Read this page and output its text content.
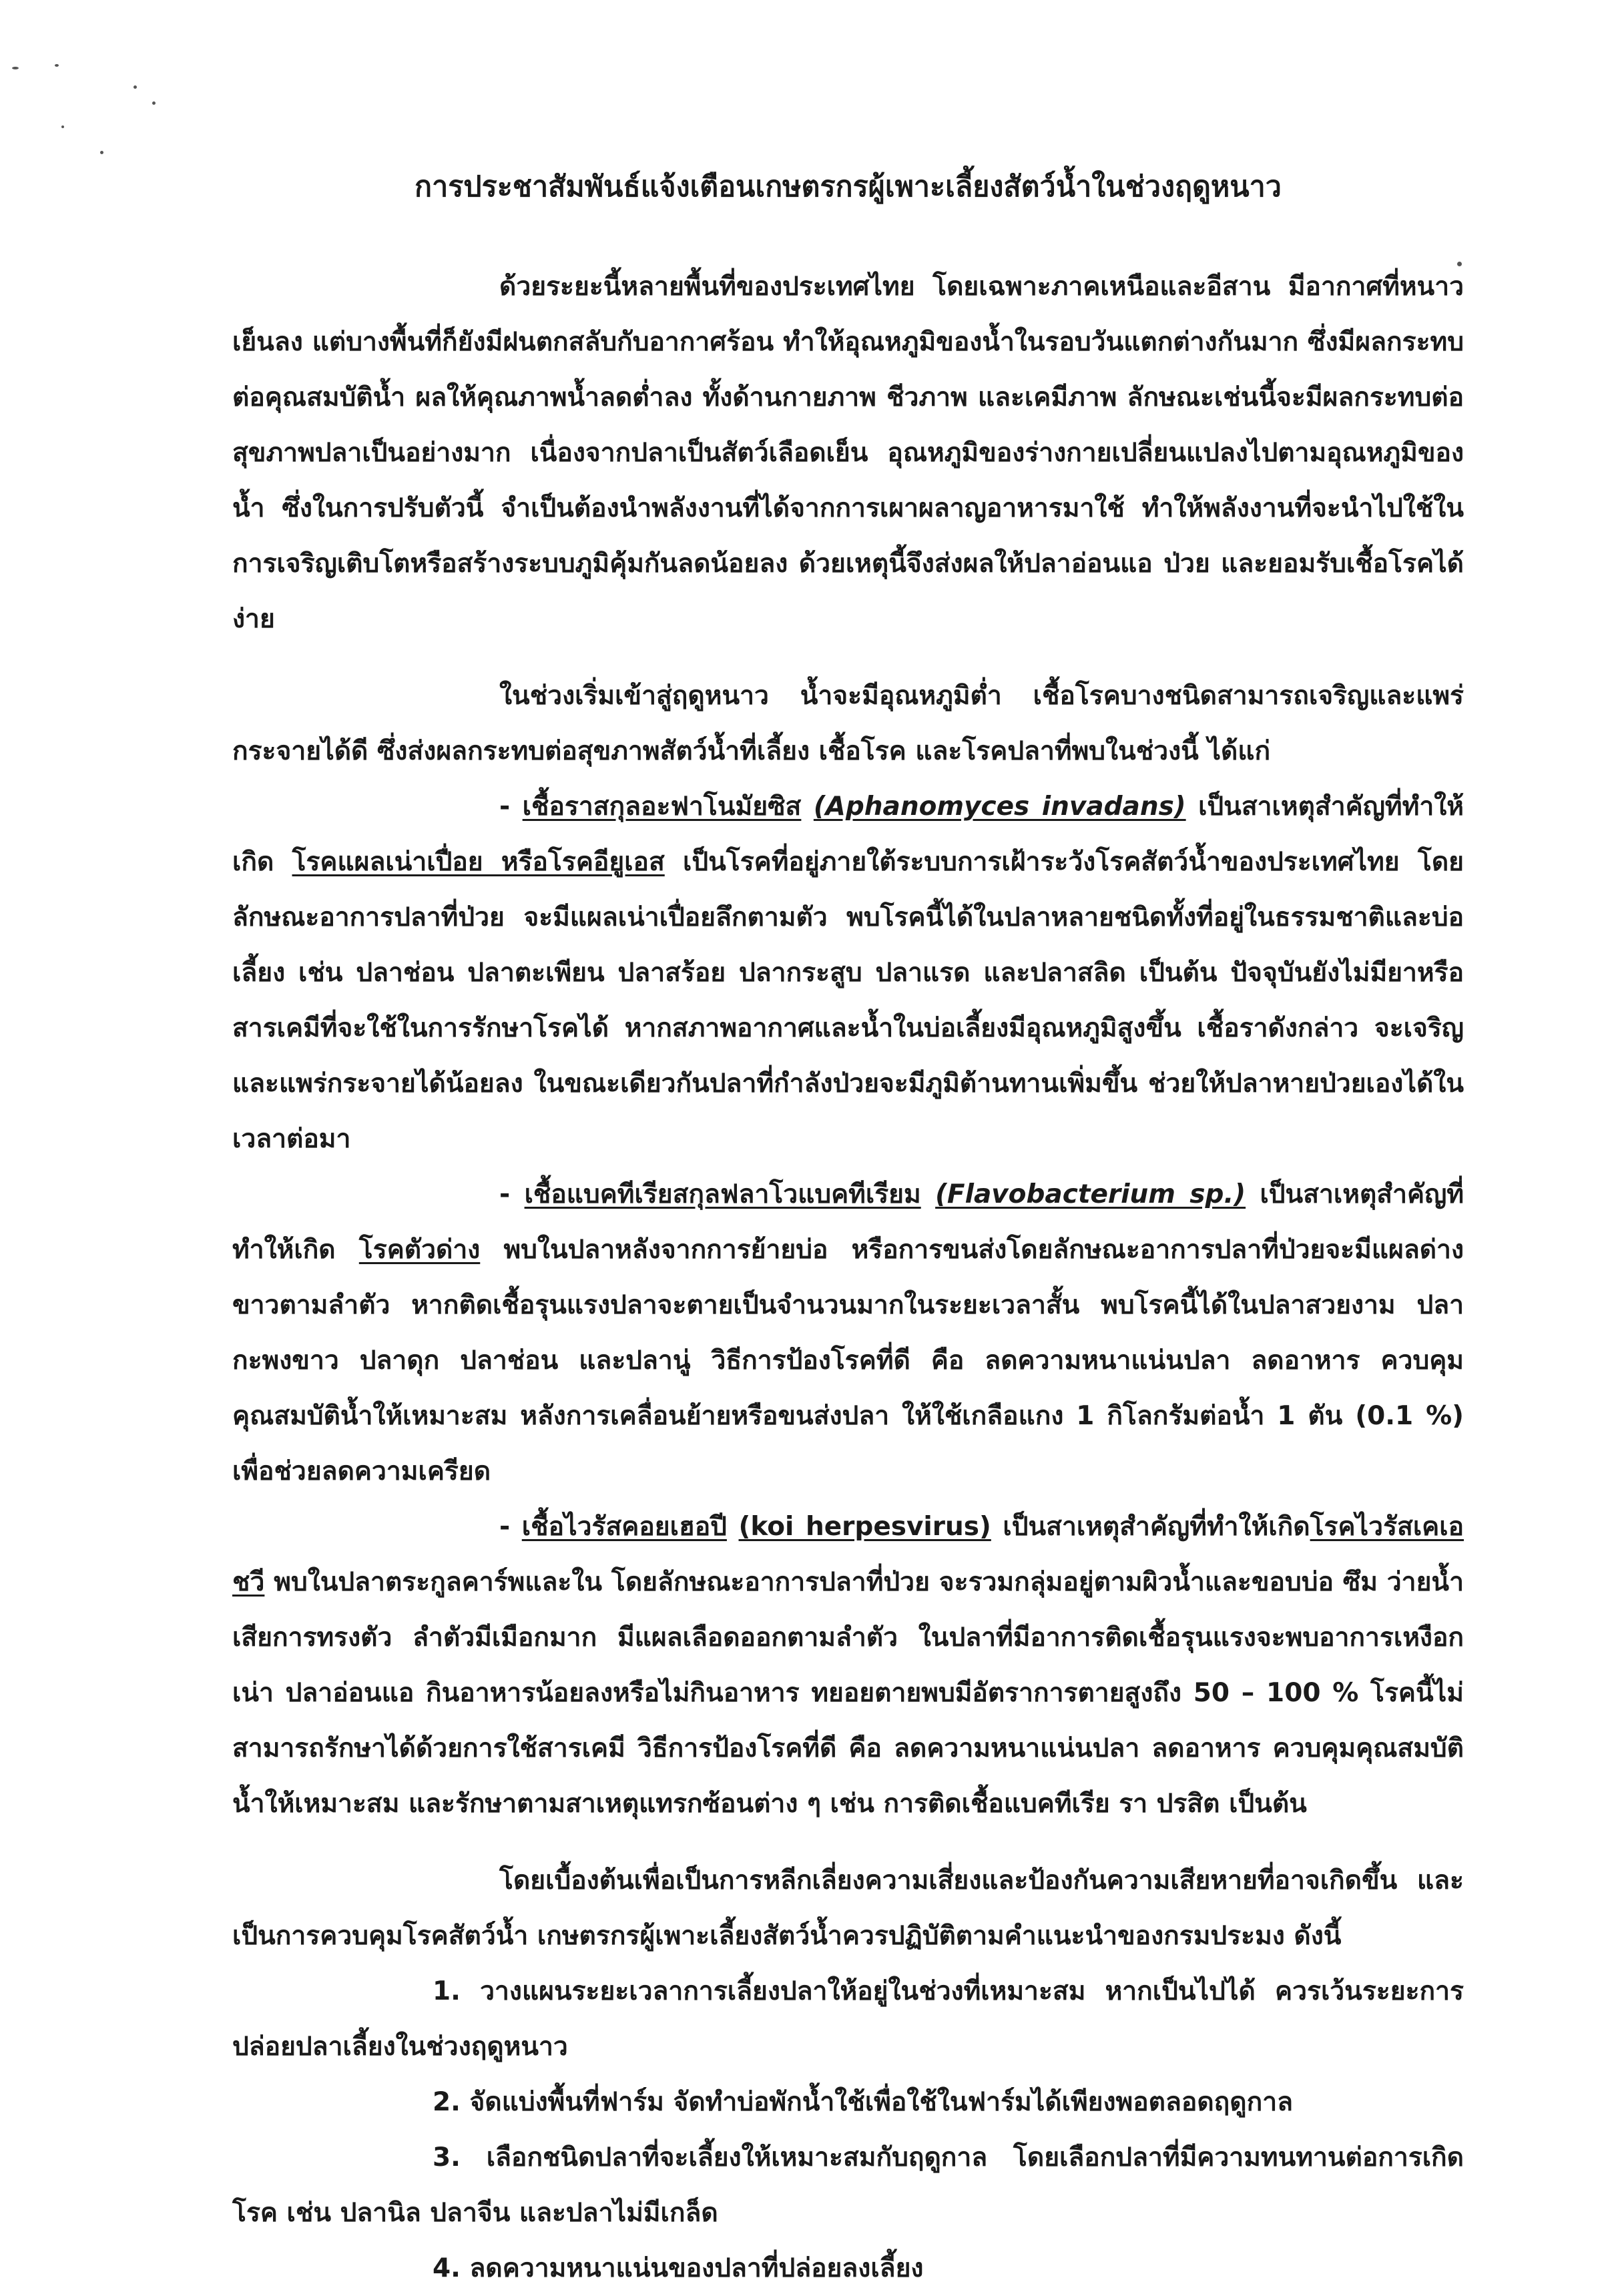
การประชาสัมพันธ์แจ้งเตือนเกษตรกรผู้เพาะเลี้ยงสัตว์น้ำในช่วงฤดูหนาว

ด้วยระยะนี้หลายพื้นที่ของประเทศไทย โดยเฉพาะภาคเหนือและอีสาน มีอากาศที่หนาวเย็นลง แต่บางพื้นที่ก็ยังมีฝนตกสลับกับอากาศร้อน ทำให้อุณหภูมิของน้ำในรอบวันแตกต่างกันมาก ซึ่งมีผลกระทบต่อคุณสมบัติน้ำ ผลให้คุณภาพน้ำลดต่ำลง ทั้งด้านกายภาพ ชีวภาพ และเคมีภาพ ลักษณะเช่นนี้จะมีผลกระทบต่อสุขภาพปลาเป็นอย่างมาก เนื่องจากปลาเป็นสัตว์เลือดเย็น อุณหภูมิของร่างกายเปลี่ยนแปลงไปตามอุณหภูมิของน้ำ ซึ่งในการปรับตัวนี้ จำเป็นต้องนำพลังงานที่ได้จากการเผาผลาญอาหารมาใช้ ทำให้พลังงานที่จะนำไปใช้ในการเจริญเติบโตหรือสร้างระบบภูมิคุ้มกันลดน้อยลง ด้วยเหตุนี้จึงส่งผลให้ปลาอ่อนแอ ป่วย และยอมรับเชื้อโรคได้ง่าย

ในช่วงเริ่มเข้าสู่ฤดูหนาว น้ำจะมีอุณหภูมิต่ำ เชื้อโรคบางชนิดสามารถเจริญและแพร่กระจายได้ดี ซึ่งส่งผลกระทบต่อสุขภาพสัตว์น้ำที่เลี้ยง เชื้อโรค และโรคปลาที่พบในช่วงนี้ ได้แก่

- เชื้อราสกุลอะฟาโนมัยซิส (Aphanomyces invadans) เป็นสาเหตุสำคัญที่ทำให้เกิด โรคแผลเน่าเปื่อย หรือโรคอียูเอส เป็นโรคที่อยู่ภายใต้ระบบการเฝ้าระวังโรคสัตว์น้ำของประเทศไทย โดยลักษณะอาการปลาที่ป่วย จะมีแผลเน่าเปื่อยลึกตามตัว พบโรคนี้ได้ในปลาหลายชนิดทั้งที่อยู่ในธรรมชาติและบ่อเลี้ยง เช่น ปลาช่อน ปลาตะเพียน ปลาสร้อย ปลากระสูบ ปลาแรด และปลาสลิด เป็นต้น ปัจจุบันยังไม่มียาหรือสารเคมีที่จะใช้ในการรักษาโรคได้ หากสภาพอากาศและน้ำในบ่อเลี้ยงมีอุณหภูมิสูงขึ้น เชื้อราดังกล่าว จะเจริญและแพร่กระจายได้น้อยลง ในขณะเดียวกันปลาที่กำลังป่วยจะมีภูมิต้านทานเพิ่มขึ้น ช่วยให้ปลาหายป่วยเองได้ในเวลาต่อมา

- เชื้อแบคทีเรียสกุลฟลาโวแบคทีเรียม (Flavobacterium sp.) เป็นสาเหตุสำคัญที่ทำให้เกิด โรคตัวด่าง พบในปลาหลังจากการย้ายบ่อ หรือการขนส่งโดยลักษณะอาการปลาที่ป่วยจะมีแผลด่างขาวตามลำตัว หากติดเชื้อรุนแรงปลาจะตายเป็นจำนวนมากในระยะเวลาสั้น พบโรคนี้ได้ในปลาสวยงาม ปลากะพงขาว ปลาดุก ปลาช่อน และปลานู่ วิธีการป้องโรคที่ดี คือ ลดความหนาแน่นปลา ลดอาหาร ควบคุมคุณสมบัติน้ำให้เหมาะสม หลังการเคลื่อนย้ายหรือขนส่งปลา ให้ใช้เกลือแกง 1 กิโลกรัมต่อน้ำ 1 ตัน (0.1 %) เพื่อช่วยลดความเครียด

- เชื้อไวรัสคอยเฮอปี (koi herpesvirus) เป็นสาเหตุสำคัญที่ทำให้เกิดโรคไวรัสเคเอชวี พบในปลาตระกูลคาร์พและใน โดยลักษณะอาการปลาที่ป่วย จะรวมกลุ่มอยู่ตามผิวน้ำและขอบบ่อ ซึม ว่ายน้ำเสียการทรงตัว ลำตัวมีเมือกมาก มีแผลเลือดออกตามลำตัว ในปลาที่มีอาการติดเชื้อรุนแรงจะพบอาการเหงือกเน่า ปลาอ่อนแอ กินอาหารน้อยลงหรือไม่กินอาหาร ทยอยตายพบมีอัตราการตายสูงถึง 50 – 100 % โรคนี้ไม่สามารถรักษาได้ด้วยการใช้สารเคมี วิธีการป้องโรคที่ดี คือ ลดความหนาแน่นปลา ลดอาหาร ควบคุมคุณสมบัติน้ำให้เหมาะสม และรักษาตามสาเหตุแทรกซ้อนต่าง ๆ เช่น การติดเชื้อแบคทีเรีย รา ปรสิต เป็นต้น

โดยเบื้องต้นเพื่อเป็นการหลีกเลี่ยงความเสี่ยงและป้องกันความเสียหายที่อาจเกิดขึ้น และเป็นการควบคุมโรคสัตว์น้ำ เกษตรกรผู้เพาะเลี้ยงสัตว์น้ำควรปฏิบัติตามคำแนะนำของกรมประมง ดังนี้

1. วางแผนระยะเวลาการเลี้ยงปลาให้อยู่ในช่วงที่เหมาะสม หากเป็นไปได้ ควรเว้นระยะการปล่อยปลาเลี้ยงในช่วงฤดูหนาว

2. จัดแบ่งพื้นที่ฟาร์ม จัดทำบ่อพักน้ำใช้เพื่อใช้ในฟาร์มได้เพียงพอตลอดฤดูกาล

3. เลือกชนิดปลาที่จะเลี้ยงให้เหมาะสมกับฤดูกาล โดยเลือกปลาที่มีความทนทานต่อการเกิดโรค เช่น ปลานิล ปลาจีน และปลาไม่มีเกล็ด

4. ลดความหนาแน่นของปลาที่ปล่อยลงเลี้ยง
